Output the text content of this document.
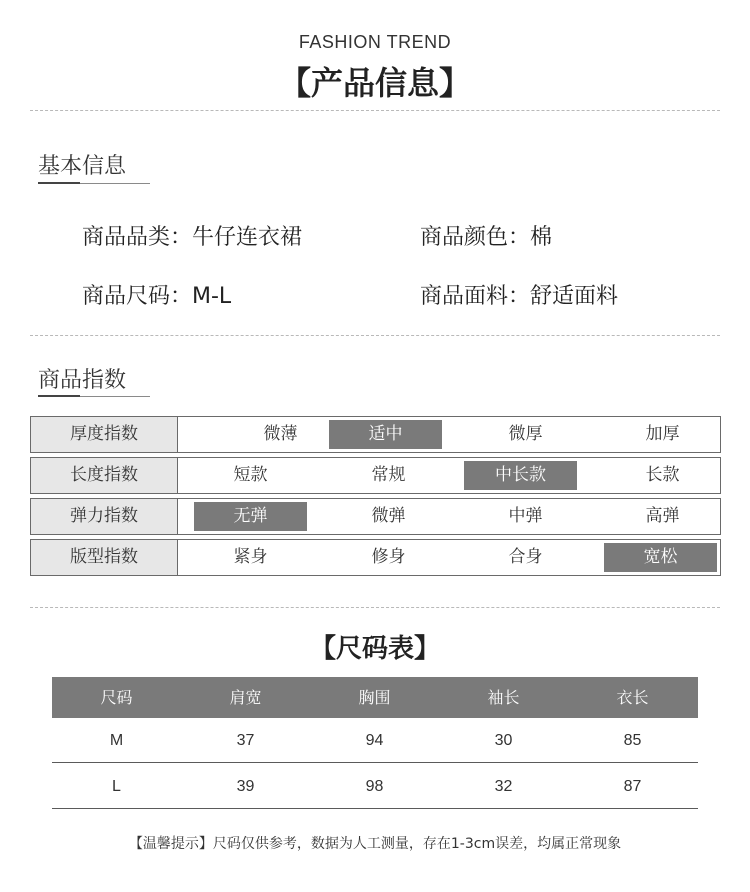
FASHION TREND
【产品信息】
基本信息
商品品类：牛仔连衣裙	商品颜色：棉
商品尺码：M-L	商品面料：舒适面料
商品指数
厚度指数	微薄	适中	微厚	加厚
长度指数	短款	常规	中长款	长款
弹力指数	无弹	微弹	中弹	高弹
版型指数	紧身	修身	合身	宽松
【尺码表】
尺码	肩宽	胸围	袖长	衣长
M	37	94	30	85
L	39	98	32	87
【温馨提示】尺码仅供参考，数据为人工测量，存在1-3cm误差，均属正常现象
